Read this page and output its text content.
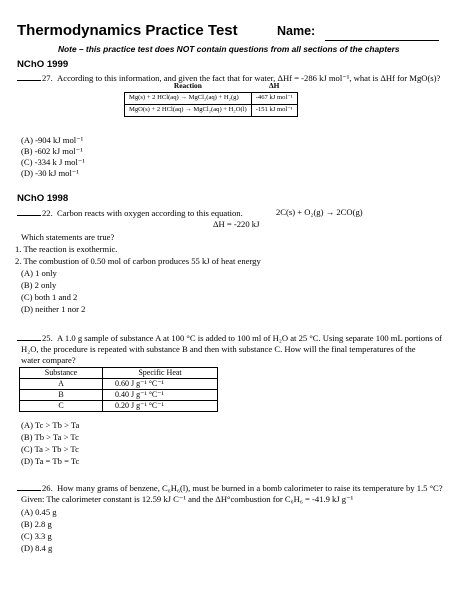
Thermodynamics Practice Test	Name:
Note – this practice test does NOT contain questions from all sections of the chapters
NChO 1999
27. According to this information, and given the fact that for water, ΔHf = -286 kJ mol⁻¹, what is ΔHf for MgO(s)?
Reaction	ΔH
Mg(s) + 2 HCl(aq) → MgCl₂(aq) + H₂(g)	-467 kJ mol⁻¹
MgO(s) + 2 HCl(aq) → MgCl₂(aq) + H₂O(l)	-151 kJ mol⁻¹
(A) -904 kJ mol⁻¹
(B) -602 kJ mol⁻¹
(C) -334 k J mol⁻¹
(D) -30 kJ mol⁻¹
NChO 1998
22. Carbon reacts with oxygen according to this equation.	2C(s) + O₂(g) → 2CO(g)
ΔH = -220 kJ
Which statements are true?
1. The reaction is exothermic.
2. The combustion of 0.50 mol of carbon produces 55 kJ of heat energy
(A) 1 only
(B) 2 only
(C) both 1 and 2
(D) neither 1 nor 2
25. A 1.0 g sample of substance A at 100 °C is added to 100 ml of H₂O at 25 °C. Using separate 100 mL portions of
H₂O, the procedure is repeated with substance B and then with substance C. How will the final temperatures of the
water compare?
Substance	Specific Heat
A	0.60 J g⁻¹ °C⁻¹
B	0.40 J g⁻¹ °C⁻¹
C	0.20 J g⁻¹ °C⁻¹
(A) Tc > Tb > Ta
(B) Tb > Ta > Tc
(C) Ta > Tb > Tc
(D) Ta = Tb = Tc
26. How many grams of benzene, C₆H₆(l), must be burned in a bomb calorimeter to raise its temperature by 1.5 °C?
Given: The calorimeter constant is 12.59 kJ C⁻¹ and the ΔH°combustion for C₆H₆ = -41.9 kJ g⁻¹
(A) 0.45 g
(B) 2.8 g
(C) 3.3 g
(D) 8.4 g
